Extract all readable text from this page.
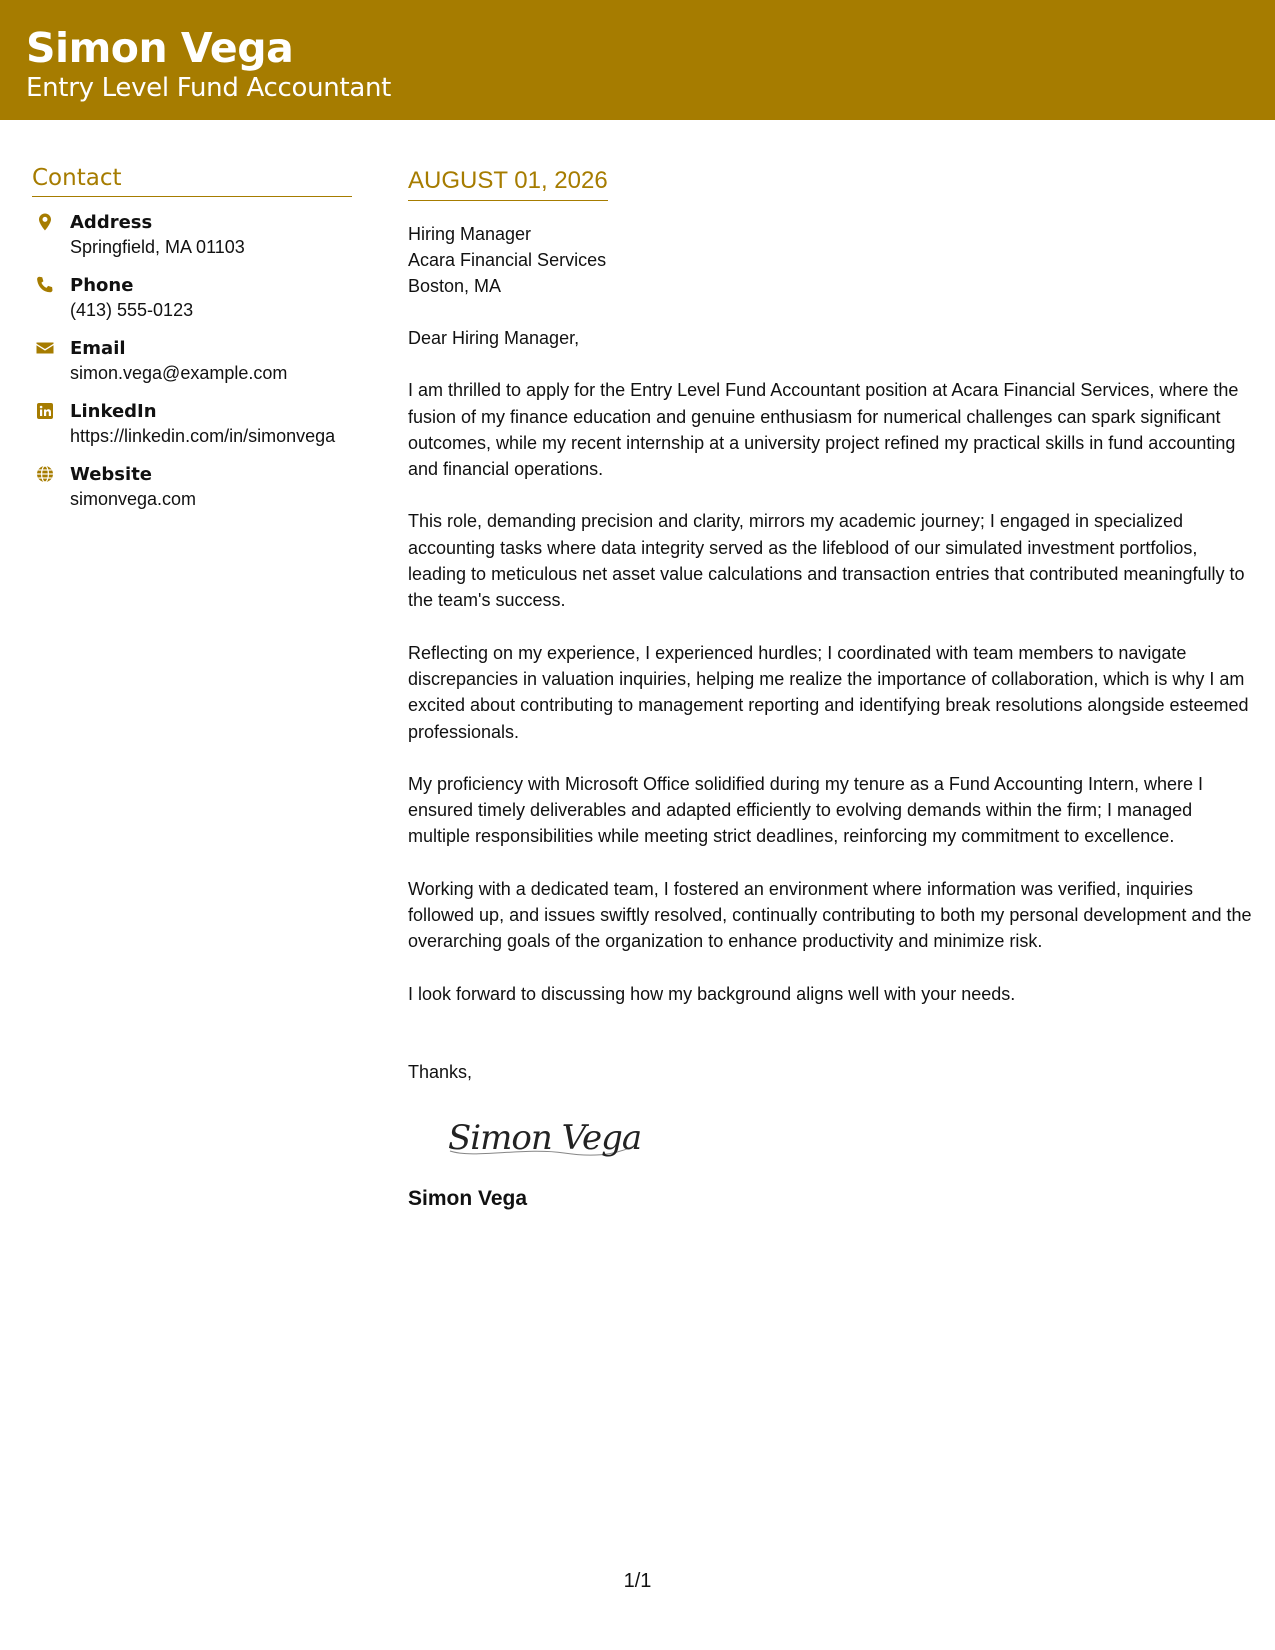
Simon Vega
Entry Level Fund Accountant
Contact
Address
Springfield, MA 01103
Phone
(413) 555-0123
Email
simon.vega@example.com
LinkedIn
https://linkedin.com/in/simonvega
Website
simonvega.com
AUGUST 01, 2026
Hiring Manager
Acara Financial Services
Boston, MA
Dear Hiring Manager,
I am thrilled to apply for the Entry Level Fund Accountant position at Acara Financial Services, where the fusion of my finance education and genuine enthusiasm for numerical challenges can spark significant outcomes, while my recent internship at a university project refined my practical skills in fund accounting and financial operations.
This role, demanding precision and clarity, mirrors my academic journey; I engaged in specialized accounting tasks where data integrity served as the lifeblood of our simulated investment portfolios, leading to meticulous net asset value calculations and transaction entries that contributed meaningfully to the team's success.
Reflecting on my experience, I experienced hurdles; I coordinated with team members to navigate discrepancies in valuation inquiries, helping me realize the importance of collaboration, which is why I am excited about contributing to management reporting and identifying break resolutions alongside esteemed professionals.
My proficiency with Microsoft Office solidified during my tenure as a Fund Accounting Intern, where I ensured timely deliverables and adapted efficiently to evolving demands within the firm; I managed multiple responsibilities while meeting strict deadlines, reinforcing my commitment to excellence.
Working with a dedicated team, I fostered an environment where information was verified, inquiries followed up, and issues swiftly resolved, continually contributing to both my personal development and the overarching goals of the organization to enhance productivity and minimize risk.
I look forward to discussing how my background aligns well with your needs.
Thanks,
Simon Vega
Simon Vega
1/1
